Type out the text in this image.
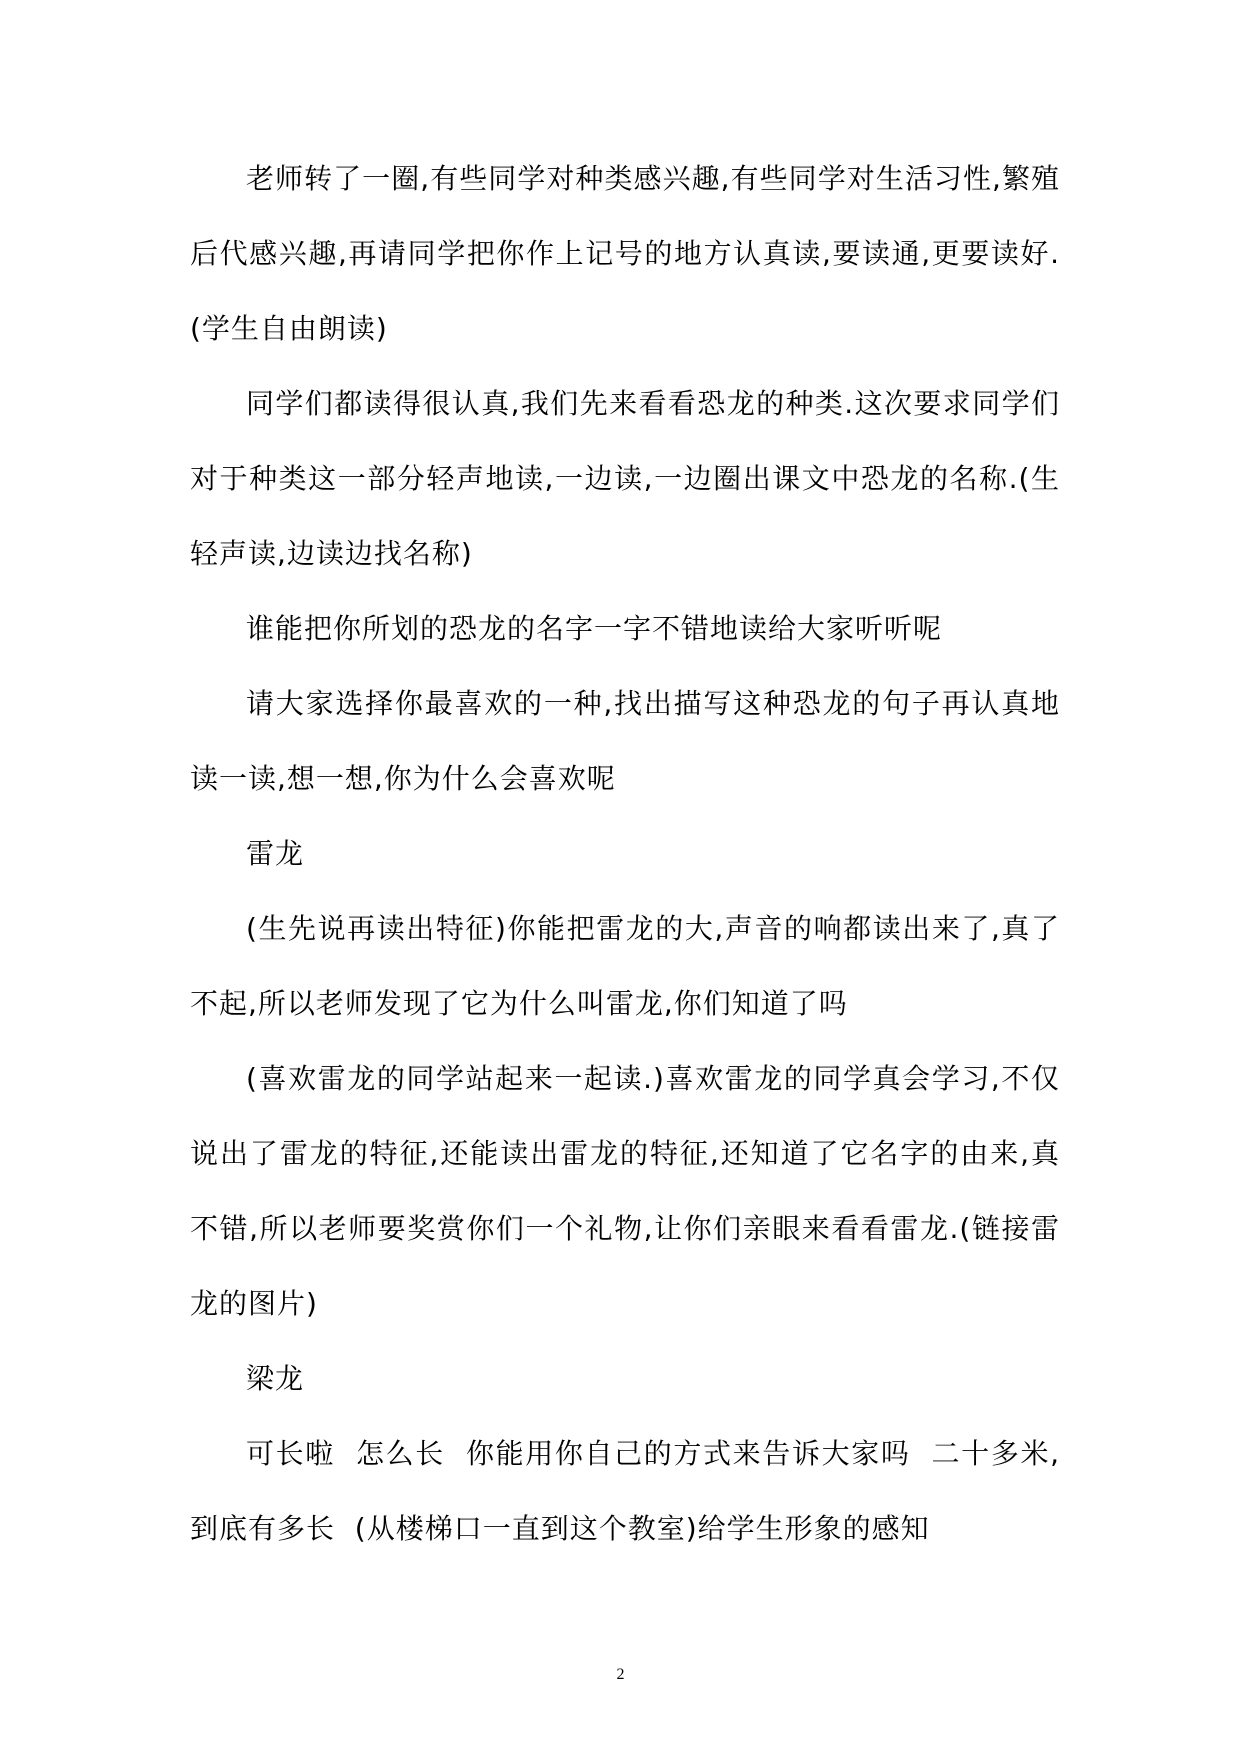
老师转了一圈,有些同学对种类感兴趣,有些同学对生活习性,繁殖后代感兴趣,再请同学把你作上记号的地方认真读,要读通,更要读好.(学生自由朗读)

同学们都读得很认真,我们先来看看恐龙的种类.这次要求同学们对于种类这一部分轻声地读,一边读,一边圈出课文中恐龙的名称.(生轻声读,边读边找名称)

谁能把你所划的恐龙的名字一字不错地读给大家听听呢

请大家选择你最喜欢的一种,找出描写这种恐龙的句子再认真地读一读,想一想,你为什么会喜欢呢

雷龙

(生先说再读出特征)你能把雷龙的大,声音的响都读出来了,真了不起,所以老师发现了它为什么叫雷龙,你们知道了吗

(喜欢雷龙的同学站起来一起读.)喜欢雷龙的同学真会学习,不仅说出了雷龙的特征,还能读出雷龙的特征,还知道了它名字的由来,真不错,所以老师要奖赏你们一个礼物,让你们亲眼来看看雷龙.(链接雷龙的图片)

梁龙

可长啦  怎么长  你能用你自己的方式来告诉大家吗  二十多米,到底有多长  (从楼梯口一直到这个教室)给学生形象的感知

2
